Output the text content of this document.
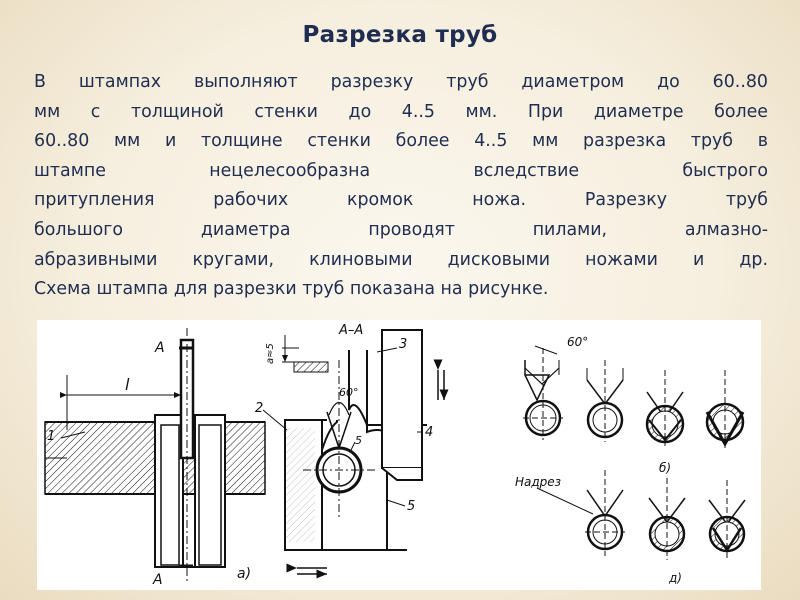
Разрезка труб
В штампах выполняют разрезку труб диаметром до 60..80
мм с толщиной стенки до 4..5 мм. При диаметре более
60..80 мм и толщине стенки более 4..5 мм разрезка труб в
штампе нецелесообразна вследствие быстрого
притупления рабочих кромок ножа. Разрезку труб
большого диаметра проводят пилами, алмазно-
абразивными кругами, клиновыми дисковыми ножами и др.
Схема штампа для разрезки труб показана на рисунке.
l
1
А
А
А–А
a≈5
60°
2
3
4
5
5
а)
60°
б)
Надрез
д)
